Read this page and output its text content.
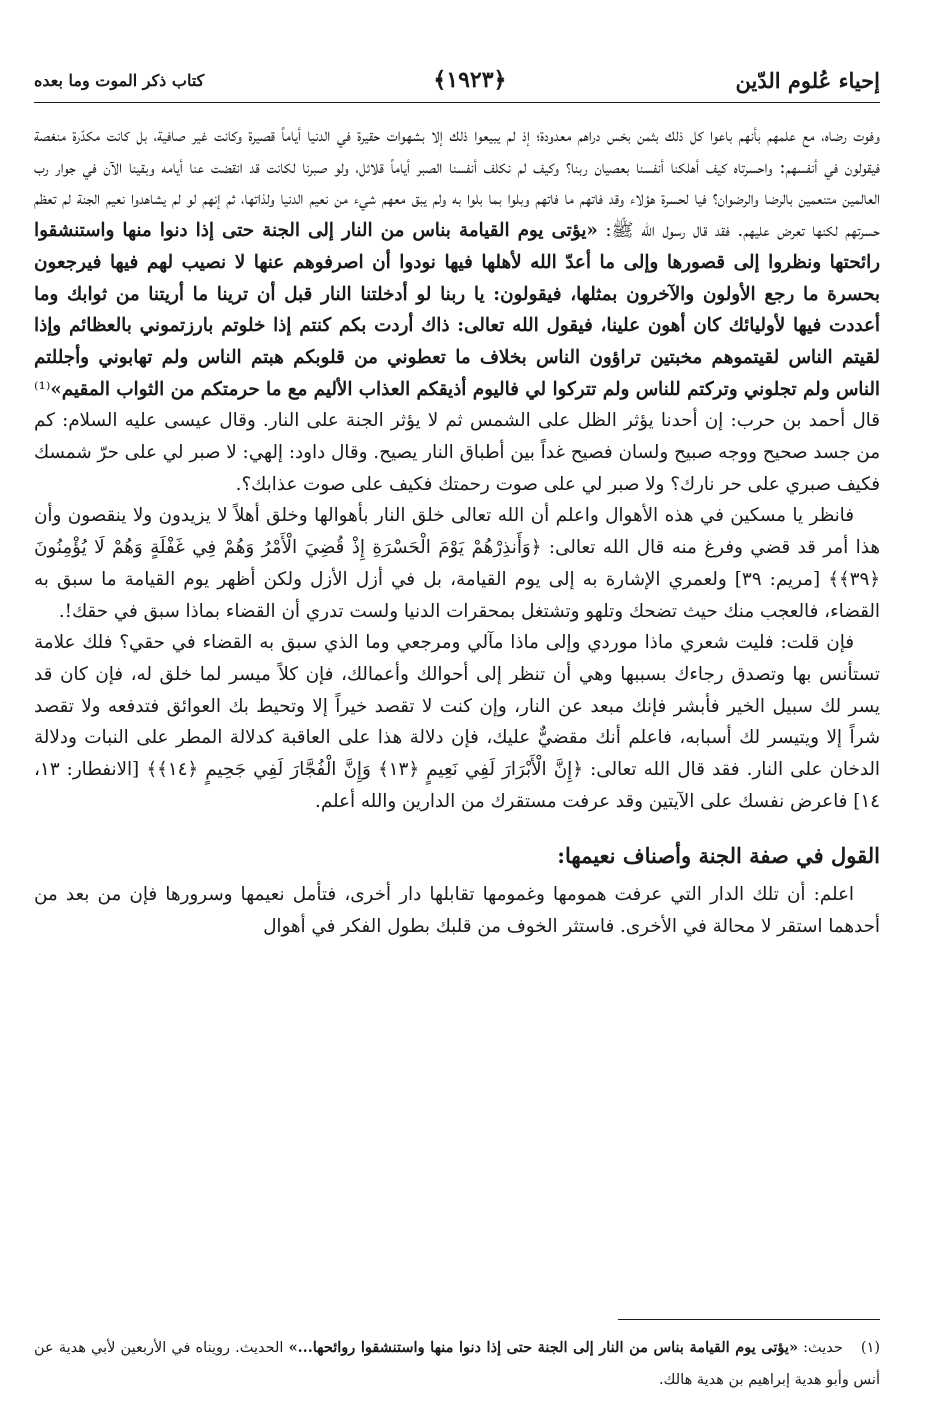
إحياء عُلوم الدّين
﴿١٩٢٣﴾
كتاب ذكر الموت وما بعده

وفوت رضاه، مع علمهم بأنهم باعوا كل ذلك بثمن بخس دراهم معدودة؛ إذ لم يبيعوا ذلك إلا بشهوات حقيرة في الدنيا أياماً قصيرة وكانت غير صافية، بل كانت مكدّرة منغصة فيقولون في أنفسهم: واحسرتاه كيف أهلكنا أنفسنا بعصيان ربنا؟ وكيف لم نكلف أنفسنا الصبر أياماً قلائل، ولو صبرنا لكانت قد انقضت عنا أيامه وبقينا الآن في جوار رب العالمين متنعمين بالرضا والرضوان؟ فيا لحسرة هؤلاء وقد فاتهم ما فاتهم وبلوا بما بلوا به ولم يبق معهم شيء من نعيم الدنيا ولذاتها، ثم إنهم لو لم يشاهدوا نعيم الجنة لم تعظم حسرتهم لكنها تعرض عليهم. فقد قال رسول الله ﷺ: «يؤتى يوم القيامة بناس من النار إلى الجنة حتى إذا دنوا منها واستنشقوا رائحتها ونظروا إلى قصورها وإلى ما أعدّ الله لأهلها فيها نودوا أن اصرفوهم عنها لا نصيب لهم فيها فيرجعون بحسرة ما رجع الأولون والآخرون بمثلها، فيقولون: يا ربنا لو أدخلتنا النار قبل أن ترينا ما أريتنا من ثوابك وما أعددت فيها لأوليائك كان أهون علينا، فيقول الله تعالى: ذاك أردت بكم كنتم إذا خلوتم بارزتموني بالعظائم وإذا لقيتم الناس لقيتموهم مخبتين تراؤون الناس بخلاف ما تعطوني من قلوبكم هبتم الناس ولم تهابوني وأجللتم الناس ولم تجلوني وتركتم للناس ولم تتركوا لي فاليوم أذيقكم العذاب الأليم مع ما حرمتكم من الثواب المقيم»⁽¹⁾ قال أحمد بن حرب: إن أحدنا يؤثر الظل على الشمس ثم لا يؤثر الجنة على النار. وقال عيسى عليه السلام: كم من جسد صحيح ووجه صبيح ولسان فصيح غداً بين أطباق النار يصيح. وقال داود: إلهي: لا صبر لي على حرّ شمسك فكيف صبري على حر نارك؟ ولا صبر لي على صوت رحمتك فكيف على صوت عذابك؟.

فانظر يا مسكين في هذه الأهوال واعلم أن الله تعالى خلق النار بأهوالها وخلق أهلاً لا يزيدون ولا ينقصون وأن هذا أمر قد قضي وفرغ منه قال الله تعالى: ﴿وَأَنذِرْهُمْ يَوْمَ الْحَسْرَةِ إِذْ قُضِيَ الْأَمْرُ وَهُمْ فِي غَفْلَةٍ وَهُمْ لَا يُؤْمِنُونَ ﴿٣٩﴾﴾ [مريم: ٣٩] ولعمري الإشارة به إلى يوم القيامة، بل في أزل الأزل ولكن أظهر يوم القيامة ما سبق به القضاء، فالعجب منك حيث تضحك وتلهو وتشتغل بمحقرات الدنيا ولست تدري أن القضاء بماذا سبق في حقك!.

فإن قلت: فليت شعري ماذا موردي وإلى ماذا مآلي ومرجعي وما الذي سبق به القضاء في حقي؟ فلك علامة تستأنس بها وتصدق رجاءك بسببها وهي أن تنظر إلى أحوالك وأعمالك، فإن كلاً ميسر لما خلق له، فإن كان قد يسر لك سبيل الخير فأبشر فإنك مبعد عن النار، وإن كنت لا تقصد خيراً إلا وتحيط بك العوائق فتدفعه ولا تقصد شراً إلا ويتيسر لك أسبابه، فاعلم أنك مقضيٌّ عليك، فإن دلالة هذا على العاقبة كدلالة المطر على النبات ودلالة الدخان على النار. فقد قال الله تعالى: ﴿إِنَّ الْأَبْرَارَ لَفِي نَعِيمٍ ﴿١٣﴾ وَإِنَّ الْفُجَّارَ لَفِي جَحِيمٍ ﴿١٤﴾﴾ [الانفطار: ١٣، ١٤] فاعرض نفسك على الآيتين وقد عرفت مستقرك من الدارين والله أعلم.

القول في صفة الجنة وأصناف نعيمها:

اعلم: أن تلك الدار التي عرفت همومها وغمومها تقابلها دار أخرى، فتأمل نعيمها وسرورها فإن من بعد من أحدهما استقر لا محالة في الأخرى. فاستثر الخوف من قلبك بطول الفكر في أهوال

(١)حديث: «يؤتى يوم القيامة بناس من النار إلى الجنة حتى إذا دنوا منها واستنشقوا روائحها...» الحديث. رويناه في الأربعين لأبي هدية عن أنس وأبو هدية إبراهيم بن هدية هالك.
